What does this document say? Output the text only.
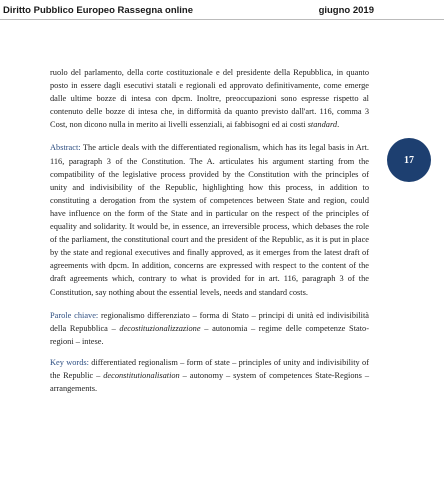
Diritto Pubblico Europeo Rassegna online	giugno 2019
17

ruolo del parlamento, della corte costituzionale e del presidente della Repubblica, in quanto posto in essere dagli esecutivi statali e regionali ed approvato definitivamente, come emerge dalle ultime bozze di intesa con dpcm. Inoltre, preoccupazioni sono espresse rispetto al contenuto delle bozze di intesa che, in difformità da quanto previsto dall'art. 116, comma 3 Cost, non dicono nulla in merito ai livelli essenziali, ai fabbisogni ed ai costi standard.

Abstract: The article deals with the differentiated regionalism, which has its legal basis in Art. 116, paragraph 3 of the Constitution. The A. articulates his argument starting from the compatibility of the legislative process provided by the Constitution with the principles of unity and indivisibility of the Republic, highlighting how this process, in addition to constituting a derogation from the system of competences between State and region, could have influence on the form of the State and in particular on the respect of the principles of equality and solidarity. It would be, in essence, an irreversible process, which debases the role of the parliament, the constitutional court and the president of the Republic, as it is put in place by the state and regional executives and finally approved, as it emerges from the latest draft of agreements with dpcm. In addition, concerns are expressed with respect to the content of the draft agreements which, contrary to what is provided for in art. 116, paragraph 3 of the Constitution, say nothing about the essential levels, needs and standard costs.

Parole chiave: regionalismo differenziato – forma di Stato – principi di unità ed indivisibilità della Repubblica – decostituzionalizzazione – autonomia – regime delle competenze Stato-regioni – intese.

Key words: differentiated regionalism – form of state – principles of unity and indivisibility of the Republic – deconstitutionalisation – autonomy – system of competences State-Regions – arrangements.
